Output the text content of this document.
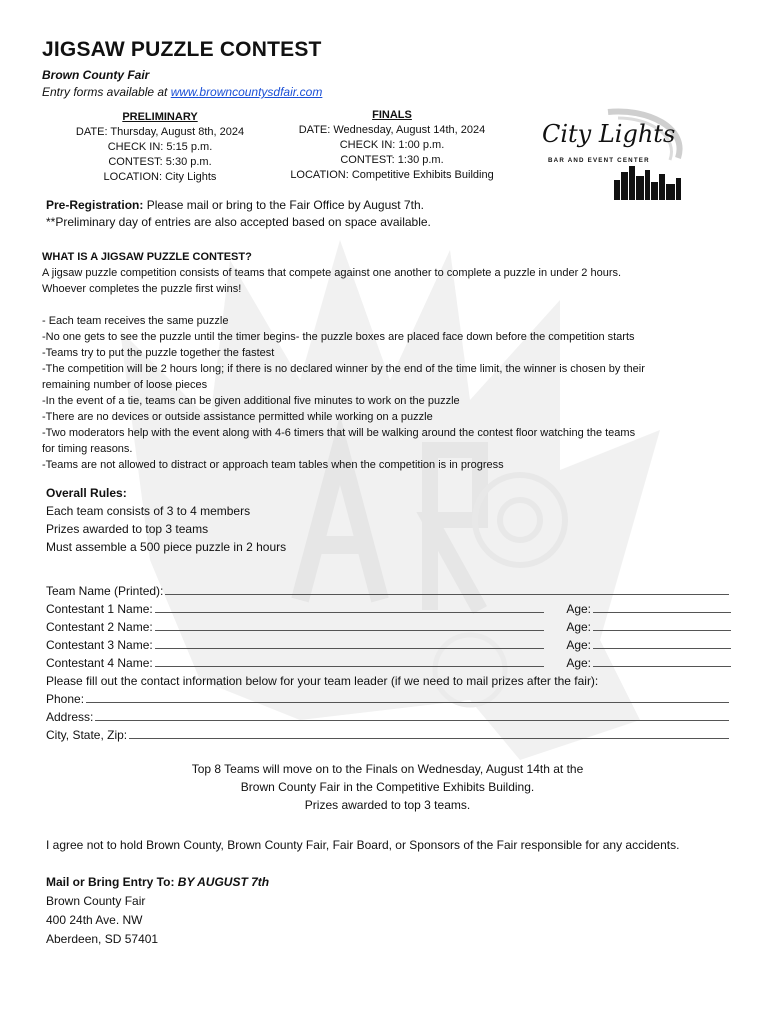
JIGSAW PUZZLE CONTEST
Brown County Fair
Entry forms available at www.browncountysdfair.com
PRELIMINARY
DATE: Thursday, August 8th, 2024
CHECK IN: 5:15 p.m.
CONTEST: 5:30 p.m.
LOCATION: City Lights
FINALS
DATE: Wednesday, August 14th, 2024
CHECK IN: 1:00 p.m.
CONTEST: 1:30 p.m.
LOCATION: Competitive Exhibits Building
City Lights
BAR AND EVENT CENTER
Pre-Registration: Please mail or bring to the Fair Office by August 7th.
**Preliminary day of entries are also accepted based on space available.
WHAT IS A JIGSAW PUZZLE CONTEST?
A jigsaw puzzle competition consists of teams that compete against one another to complete a puzzle in under 2 hours.
Whoever completes the puzzle first wins!
- Each team receives the same puzzle
-No one gets to see the puzzle until the timer begins- the puzzle boxes are placed face down before the competition starts
-Teams try to put the puzzle together the fastest
-The competition will be 2 hours long; if there is no declared winner by the end of the time limit, the winner is chosen by their
remaining number of loose pieces
-In the event of a tie, teams can be given additional five minutes to work on the puzzle
-There are no devices or outside assistance permitted while working on a puzzle
-Two moderators help with the event along with 4-6 timers that will be walking around the contest floor watching the teams
for timing reasons.
-Teams are not allowed to distract or approach team tables when the competition is in progress
Overall Rules:
Each team consists of 3 to 4 members
Prizes awarded to top 3 teams
Must assemble a 500 piece puzzle in 2 hours
Team Name (Printed):
Contestant 1 Name:	Age:
Contestant 2 Name:	Age:
Contestant 3 Name:	Age:
Contestant 4 Name:	Age:
Please fill out the contact information below for your team leader (if we need to mail prizes after the fair):
Phone:
Address:
City, State, Zip:
Top 8 Teams will move on to the Finals on Wednesday, August 14th at the
Brown County Fair in the Competitive Exhibits Building.
Prizes awarded to top 3 teams.
I agree not to hold Brown County, Brown County Fair, Fair Board, or Sponsors of the Fair responsible for any accidents.
Mail or Bring Entry To: BY AUGUST 7th
Brown County Fair
400 24th Ave. NW
Aberdeen, SD 57401
